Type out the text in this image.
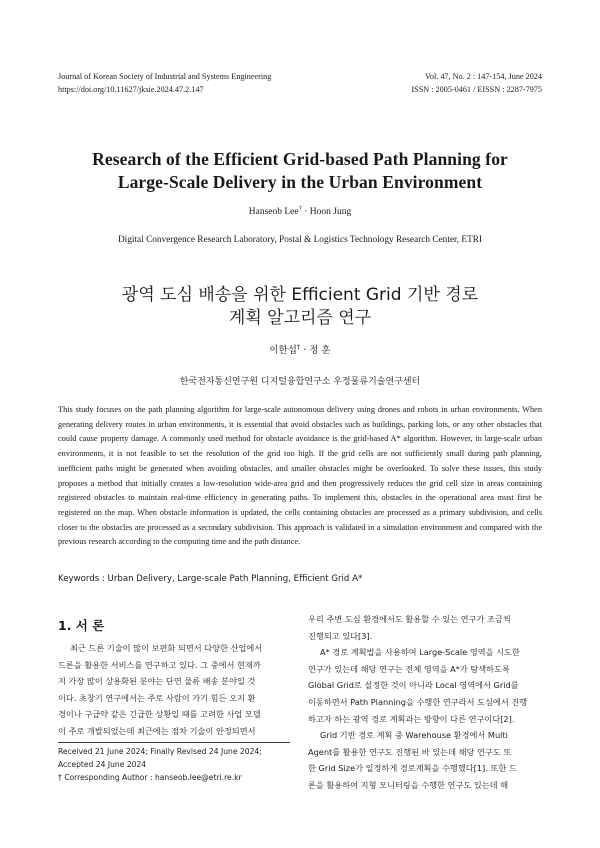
Journal of Korean Society of Industrial and Systems Engineering
https://doi.org/10.11627/jksie.2024.47.2.147
Vol. 47, No. 2 : 147-154, June 2024
ISSN : 2005-0461 / EISSN : 2287-7975
Research of the Efficient Grid-based Path Planning for
Large-Scale Delivery in the Urban Environment
Hanseob Lee† · Hoon Jung
Digital Convergence Research Laboratory, Postal & Logistics Technology Research Center, ETRI
광역 도심 배송을 위한 Efficient Grid 기반 경로
계획 알고리즘 연구
이한섭† · 정 훈
한국전자통신연구원 디지털융합연구소 우정물류기술연구센터
This study focuses on the path planning algorithm for large-scale autonomous delivery using drones and robots in urban environments. When generating delivery routes in urban environments, it is essential that avoid obstacles such as buildings, parking lots, or any other obstacles that could cause property damage. A commonly used method for obstacle avoidance is the grid-based A* algorithm. However, in large-scale urban environments, it is not feasible to set the resolution of the grid too high. If the grid cells are not sufficiently small during path planning, inefficient paths might be generated when avoiding obstacles, and smaller obstacles might be overlooked. To solve these issues, this study proposes a method that initially creates a low-resolution wide-area grid and then progressively reduces the grid cell size in areas containing registered obstacles to maintain real-time efficiency in generating paths. To implement this, obstacles in the operational area must first be registered on the map. When obstacle information is updated, the cells containing obstacles are processed as a primary subdivision, and cells closer to the obstacles are processed as a secondary subdivision. This approach is validated in a simulation environment and compared with the previous research according to the computing time and the path distance.
Keywords : Urban Delivery, Large-scale Path Planning, Efficient Grid A*
1. 서 론
최근 드론 기술이 많이 보편화 되면서 다양한 산업에서
드론을 활용한 서비스를 연구하고 있다. 그 중에서 현재까
지 가장 많이 상용화된 분야는 단연 물류 배송 분야일 것
이다. 초창기 연구에서는 주로 사람이 가기 힘든 오지 환
경이나 구급약 같은 긴급한 상황일 때를 고려한 사업 모델
이 주로 개발되었는데 최근에는 점차 기술이 안정되면서
Received 21 June 2024; Finally Revised 24 June 2024;
Accepted 24 June 2024
† Corresponding Author : hanseob.lee@etri.re.kr
우리 주변 도심 환경에서도 활용할 수 있는 연구가 조금씩
진행되고 있다[3].
A* 경로 계획법을 사용하여 Large-Scale 영역을 시도한
연구가 있는데 해당 연구는 전체 영역을 A*가 탐색하도록
Global Grid로 설정한 것이 아니라 Local 영역에서 Grid를
이동하면서 Path Planning을 수행한 연구라서 도심에서 진행
하고자 하는 광역 경로 계획과는 방향이 다른 연구이다[2].
Grid 기반 경로 계획 중 Warehouse 환경에서 Multi
Agent를 활용한 연구도 진행된 바 있는데 해당 연구도 또
한 Grid Size가 일정하게 경로계획을 수행했다[1]. 또한 드
론을 활용하여 지형 모니터링을 수행한 연구도 있는데 해
